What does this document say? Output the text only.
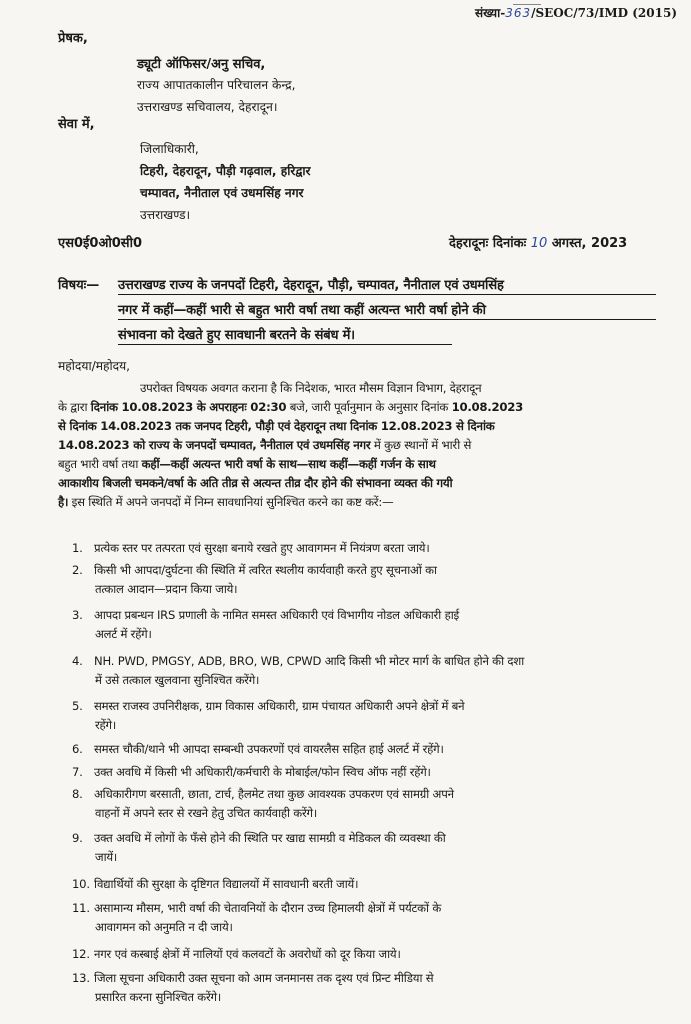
संख्या-363/SEOC/73/IMD (2015)
प्रेषक,
ड्यूटी ऑफिसर/अनु सचिव,
राज्य आपातकालीन परिचालन केन्द्र,
उत्तराखण्ड सचिवालय, देहरादून।
सेवा में,
जिलाधिकारी,
टिहरी, देहरादून, पौड़ी गढ़वाल, हरिद्वार
चम्पावत, नैनीताल एवं उधमसिंह नगर
उत्तराखण्ड।
एस0ई0ओ0सी0	देहरादूनः दिनांकः 10 अगस्त, 2023
विषयः— उत्तराखण्ड राज्य के जनपदों टिहरी, देहरादून, पौड़ी, चम्पावत, नैनीताल एवं उधमसिंह
नगर में कहीं—कहीं भारी से बहुत भारी वर्षा तथा कहीं अत्यन्त भारी वर्षा होने की
संभावना को देखते हुए सावधानी बरतने के संबंध में।
महोदया/महोदय,
उपरोक्त विषयक अवगत कराना है कि निदेशक, भारत मौसम विज्ञान विभाग, देहरादून
के द्वारा दिनांक 10.08.2023 के अपराहनः 02:30 बजे, जारी पूर्वानुमान के अनुसार दिनांक 10.08.2023
से दिनांक 14.08.2023 तक जनपद टिहरी, पौड़ी एवं देहरादून तथा दिनांक 12.08.2023 से दिनांक
14.08.2023 को राज्य के जनपदों चम्पावत, नैनीताल एवं उधमसिंह नगर में कुछ स्थानों में भारी से
बहुत भारी वर्षा तथा कहीं—कहीं अत्यन्त भारी वर्षा के साथ—साथ कहीं—कहीं गर्जन के साथ
आकाशीय बिजली चमकने/वर्षा के अति तीव्र से अत्यन्त तीव्र दौर होने की संभावना व्यक्त की गयी
है। इस स्थिति में अपने जनपदों में निम्न सावधानियां सुनिश्चित करने का कष्ट करें:—
1. प्रत्येक स्तर पर तत्परता एवं सुरक्षा बनाये रखते हुए आवागमन में नियंत्रण बरता जाये।
2. किसी भी आपदा/दुर्घटना की स्थिति में त्वरित स्थलीय कार्यवाही करते हुए सूचनाओं का
तत्काल आदान—प्रदान किया जाये।
3. आपदा प्रबन्धन IRS प्रणाली के नामित समस्त अधिकारी एवं विभागीय नोडल अधिकारी हाई
अलर्ट में रहेंगे।
4. NH. PWD, PMGSY, ADB, BRO, WB, CPWD आदि किसी भी मोटर मार्ग के बाधित होने की दशा
में उसे तत्काल खुलवाना सुनिश्चित करेंगे।
5. समस्त राजस्व उपनिरीक्षक, ग्राम विकास अधिकारी, ग्राम पंचायत अधिकारी अपने क्षेत्रों में बने
रहेंगे।
6. समस्त चौकी/थाने भी आपदा सम्बन्धी उपकरणों एवं वायरलैस सहित हाई अलर्ट में रहेंगे।
7. उक्त अवधि में किसी भी अधिकारी/कर्मचारी के मोबाईल/फोन स्विच ऑफ नहीं रहेंगे।
8. अधिकारीगण बरसाती, छाता, टार्च, हैलमेट तथा कुछ आवश्यक उपकरण एवं सामग्री अपने
वाहनों में अपने स्तर से रखने हेतु उचित कार्यवाही करेंगे।
9. उक्त अवधि में लोगों के फँसे होने की स्थिति पर खाद्य सामग्री व मेडिकल की व्यवस्था की
जायें।
10. विद्यार्थियों की सुरक्षा के दृष्टिगत विद्यालयों में सावधानी बरती जायें।
11. असामान्य मौसम, भारी वर्षा की चेतावनियों के दौरान उच्च हिमालयी क्षेत्रों में पर्यटकों के
आवागमन को अनुमति न दी जाये।
12. नगर एवं कस्बाई क्षेत्रों में नालियों एवं कलवटों के अवरोधों को दूर किया जाये।
13. जिला सूचना अधिकारी उक्त सूचना को आम जनमानस तक दृश्य एवं प्रिन्ट मीडिया से
प्रसारित करना सुनिश्चित करेंगे।
